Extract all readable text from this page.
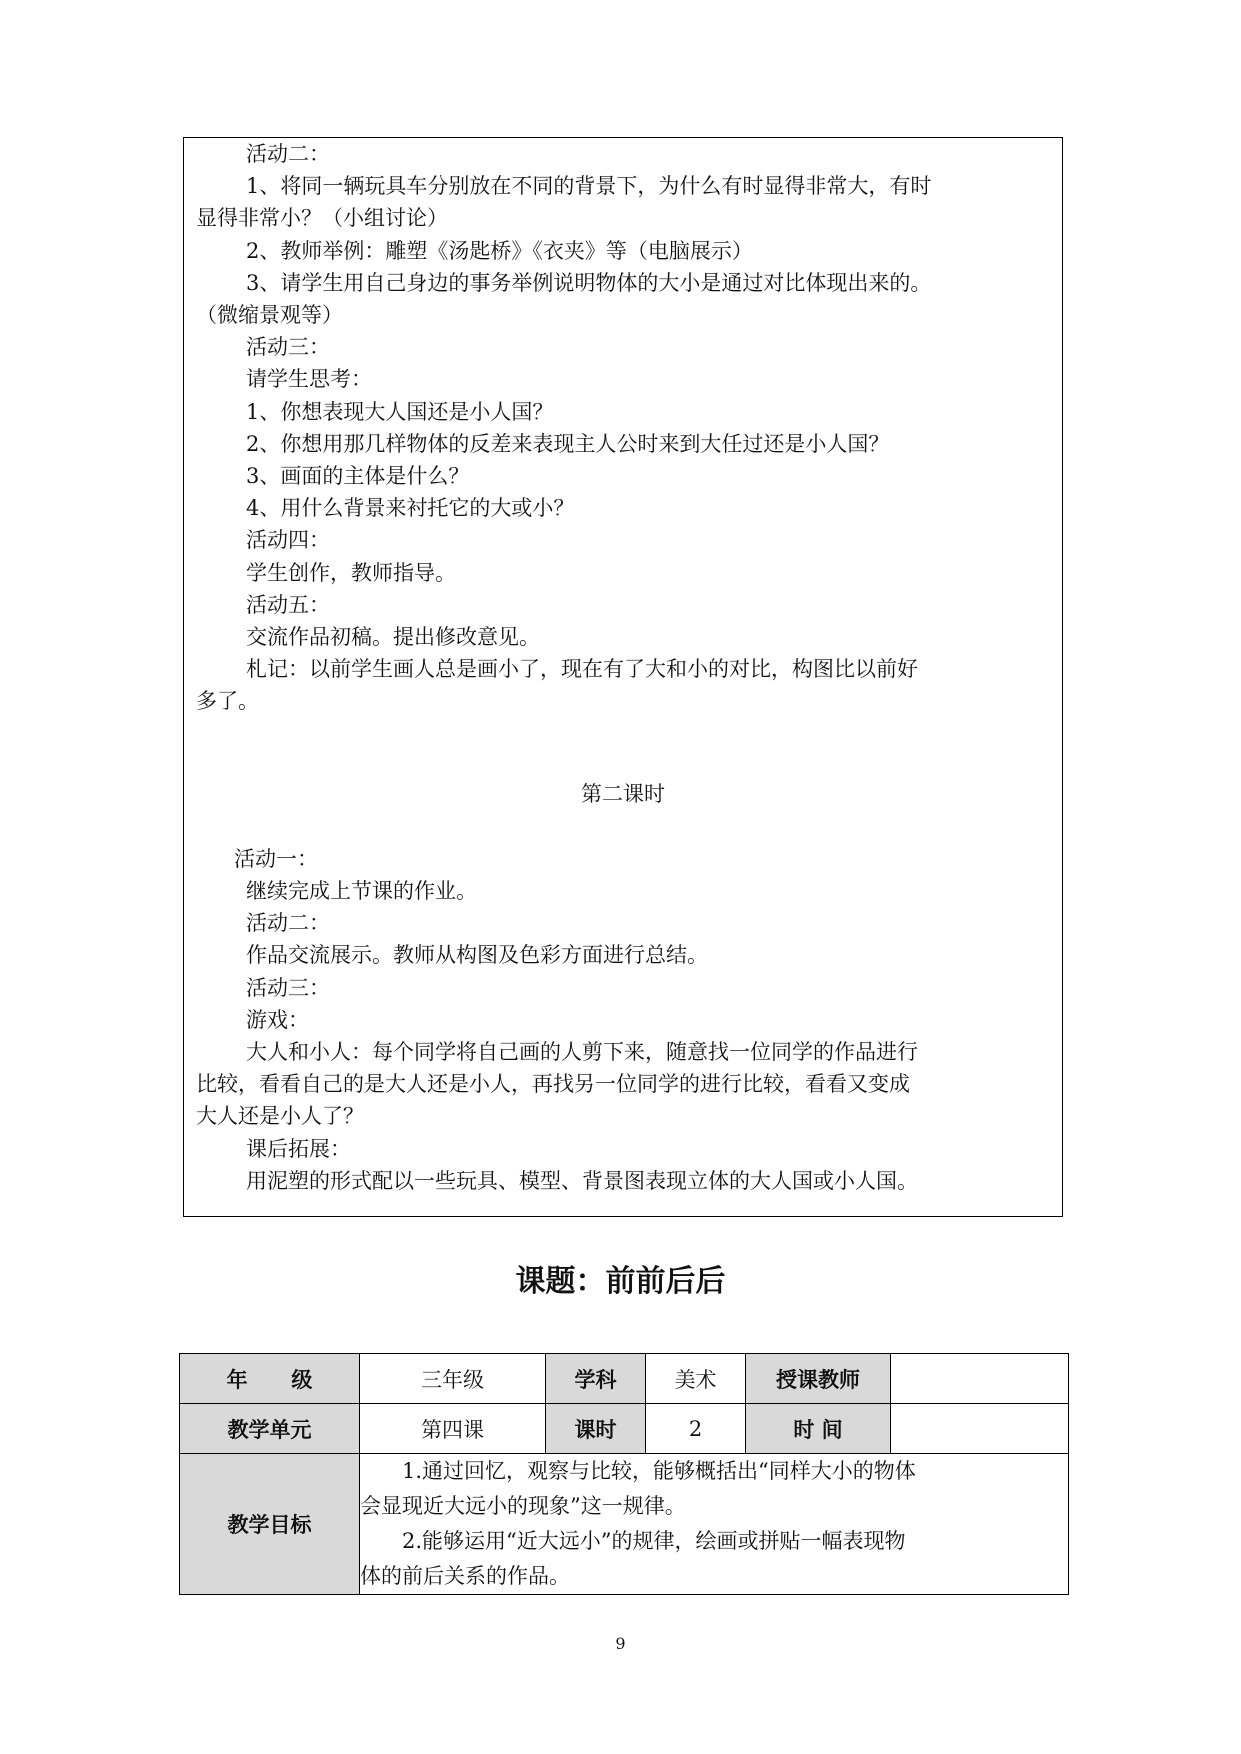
活动二：
1、将同一辆玩具车分别放在不同的背景下，为什么有时显得非常大，有时
显得非常小？（小组讨论）
2、教师举例：雕塑《汤匙桥》《衣夹》等（电脑展示）
3、请学生用自己身边的事务举例说明物体的大小是通过对比体现出来的。
（微缩景观等）
活动三：
请学生思考：
1、你想表现大人国还是小人国？
2、你想用那几样物体的反差来表现主人公时来到大任过还是小人国？
3、画面的主体是什么？
4、用什么背景来衬托它的大或小？
活动四：
学生创作，教师指导。
活动五：
交流作品初稿。提出修改意见。
札记：以前学生画人总是画小了，现在有了大和小的对比，构图比以前好
多了。
第二课时
活动一：
继续完成上节课的作业。
活动二：
作品交流展示。教师从构图及色彩方面进行总结。
活动三：
游戏：
大人和小人：每个同学将自己画的人剪下来，随意找一位同学的作品进行
比较，看看自己的是大人还是小人，再找另一位同学的进行比较，看看又变成
大人还是小人了？
课后拓展：
用泥塑的形式配以一些玩具、模型、背景图表现立体的大人国或小人国。
课题：前前后后
年      级	三年级	学科	美术	授课教师	
教学单元	第四课	课时	2	时 间	
教学目标	1.通过回忆，观察与比较，能够概括出“同样大小的物体
会显现近大远小的现象”这一规律。
2.能够运用“近大远小”的规律，绘画或拼贴一幅表现物
体的前后关系的作品。				
9
